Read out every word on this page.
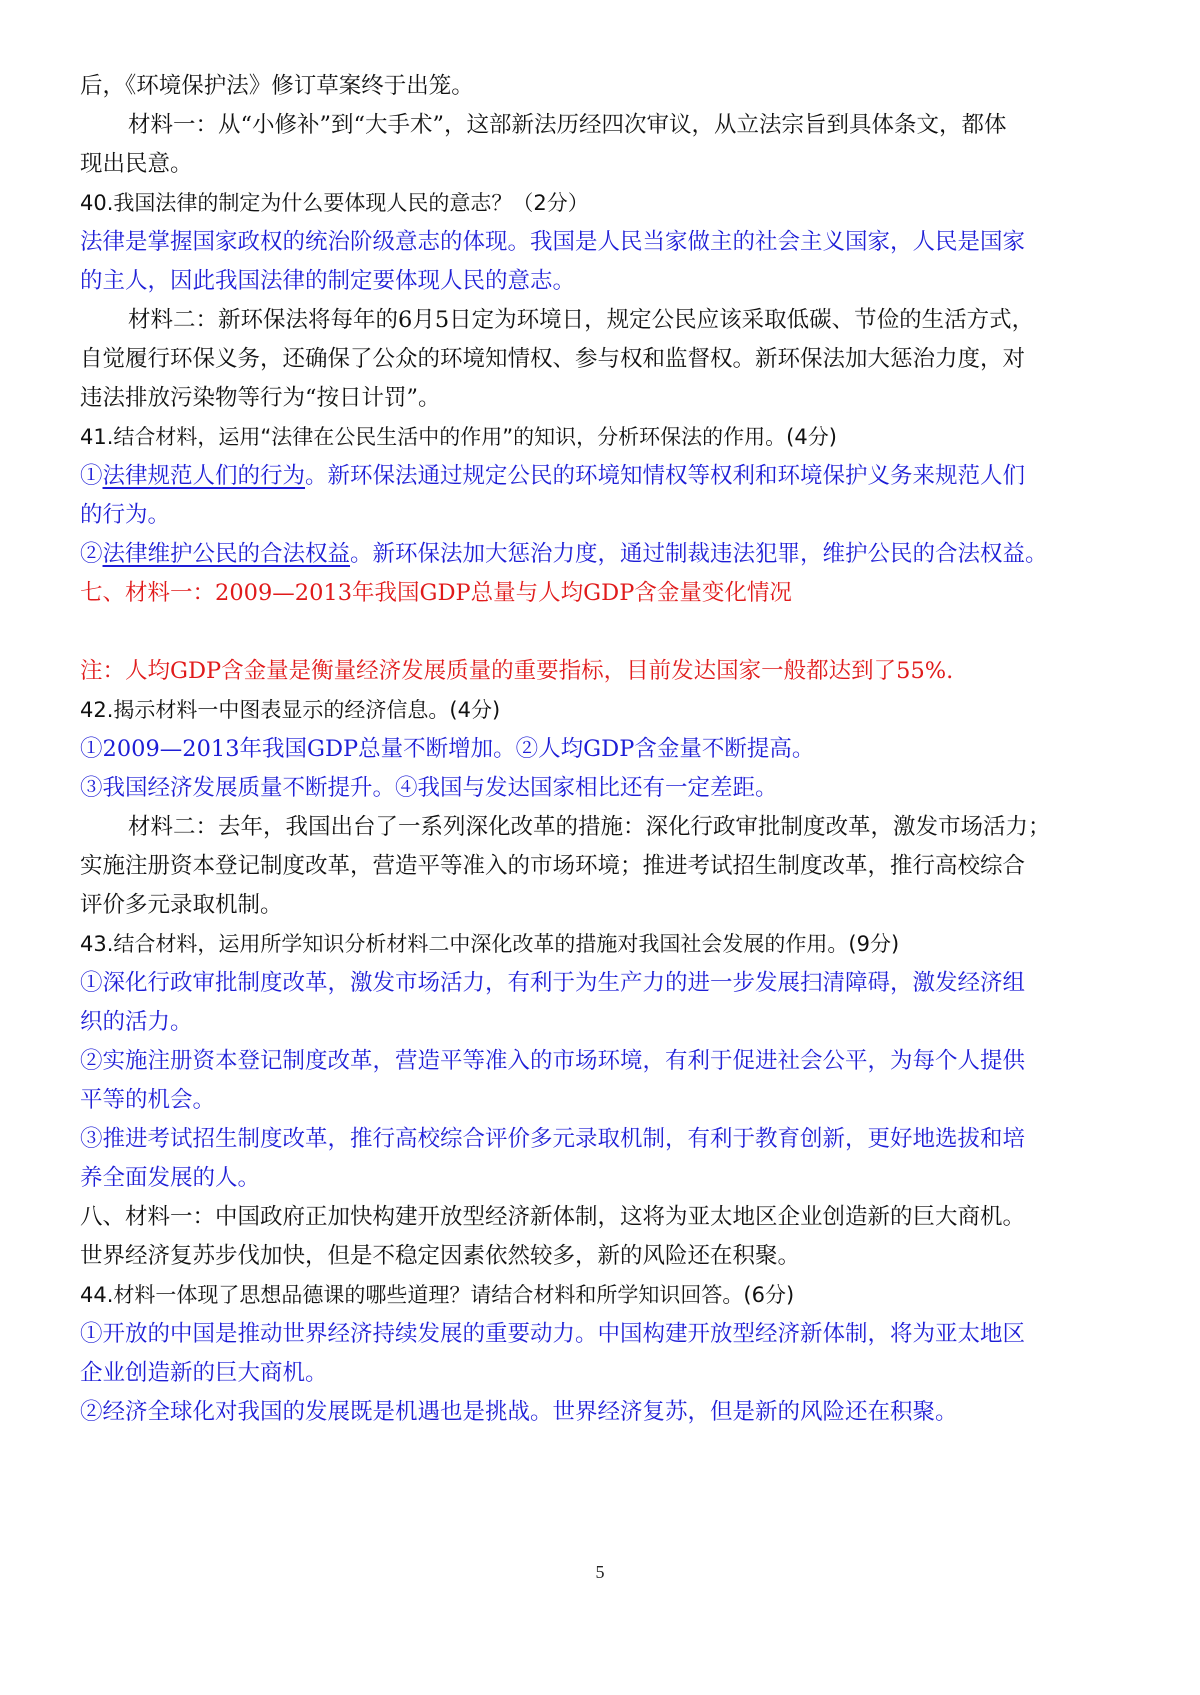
后，《环境保护法》修订草案终于出笼。
材料一：从“小修补”到“大手术”，这部新法历经四次审议，从立法宗旨到具体条文，都体
现出民意。
40.我国法律的制定为什么要体现人民的意志？（2分）
法律是掌握国家政权的统治阶级意志的体现。我国是人民当家做主的社会主义国家，人民是国家
的主人，因此我国法律的制定要体现人民的意志。
材料二：新环保法将每年的6月5日定为环境日，规定公民应该采取低碳、节俭的生活方式，
自觉履行环保义务，还确保了公众的环境知情权、参与权和监督权。新环保法加大惩治力度，对
违法排放污染物等行为“按日计罚”。
41.结合材料，运用“法律在公民生活中的作用”的知识，分析环保法的作用。(4分)
①法律规范人们的行为。新环保法通过规定公民的环境知情权等权利和环境保护义务来规范人们
的行为。
②法律维护公民的合法权益。新环保法加大惩治力度，通过制裁违法犯罪，维护公民的合法权益。
七、材料一：2009—2013年我国GDP总量与人均GDP含金量变化情况
注：人均GDP含金量是衡量经济发展质量的重要指标，目前发达国家一般都达到了55%.
42.揭示材料一中图表显示的经济信息。(4分)
①2009—2013年我国GDP总量不断增加。②人均GDP含金量不断提高。
③我国经济发展质量不断提升。④我国与发达国家相比还有一定差距。
材料二：去年，我国出台了一系列深化改革的措施：深化行政审批制度改革，激发市场活力；
实施注册资本登记制度改革，营造平等准入的市场环境；推进考试招生制度改革，推行高校综合
评价多元录取机制。
43.结合材料，运用所学知识分析材料二中深化改革的措施对我国社会发展的作用。(9分)
①深化行政审批制度改革，激发市场活力，有利于为生产力的进一步发展扫清障碍，激发经济组
织的活力。
②实施注册资本登记制度改革，营造平等准入的市场环境，有利于促进社会公平，为每个人提供
平等的机会。
③推进考试招生制度改革，推行高校综合评价多元录取机制，有利于教育创新，更好地选拔和培
养全面发展的人。
八、材料一：中国政府正加快构建开放型经济新体制，这将为亚太地区企业创造新的巨大商机。
世界经济复苏步伐加快，但是不稳定因素依然较多，新的风险还在积聚。
44.材料一体现了思想品德课的哪些道理？请结合材料和所学知识回答。(6分)
①开放的中国是推动世界经济持续发展的重要动力。中国构建开放型经济新体制，将为亚太地区
企业创造新的巨大商机。
②经济全球化对我国的发展既是机遇也是挑战。世界经济复苏，但是新的风险还在积聚。
5
